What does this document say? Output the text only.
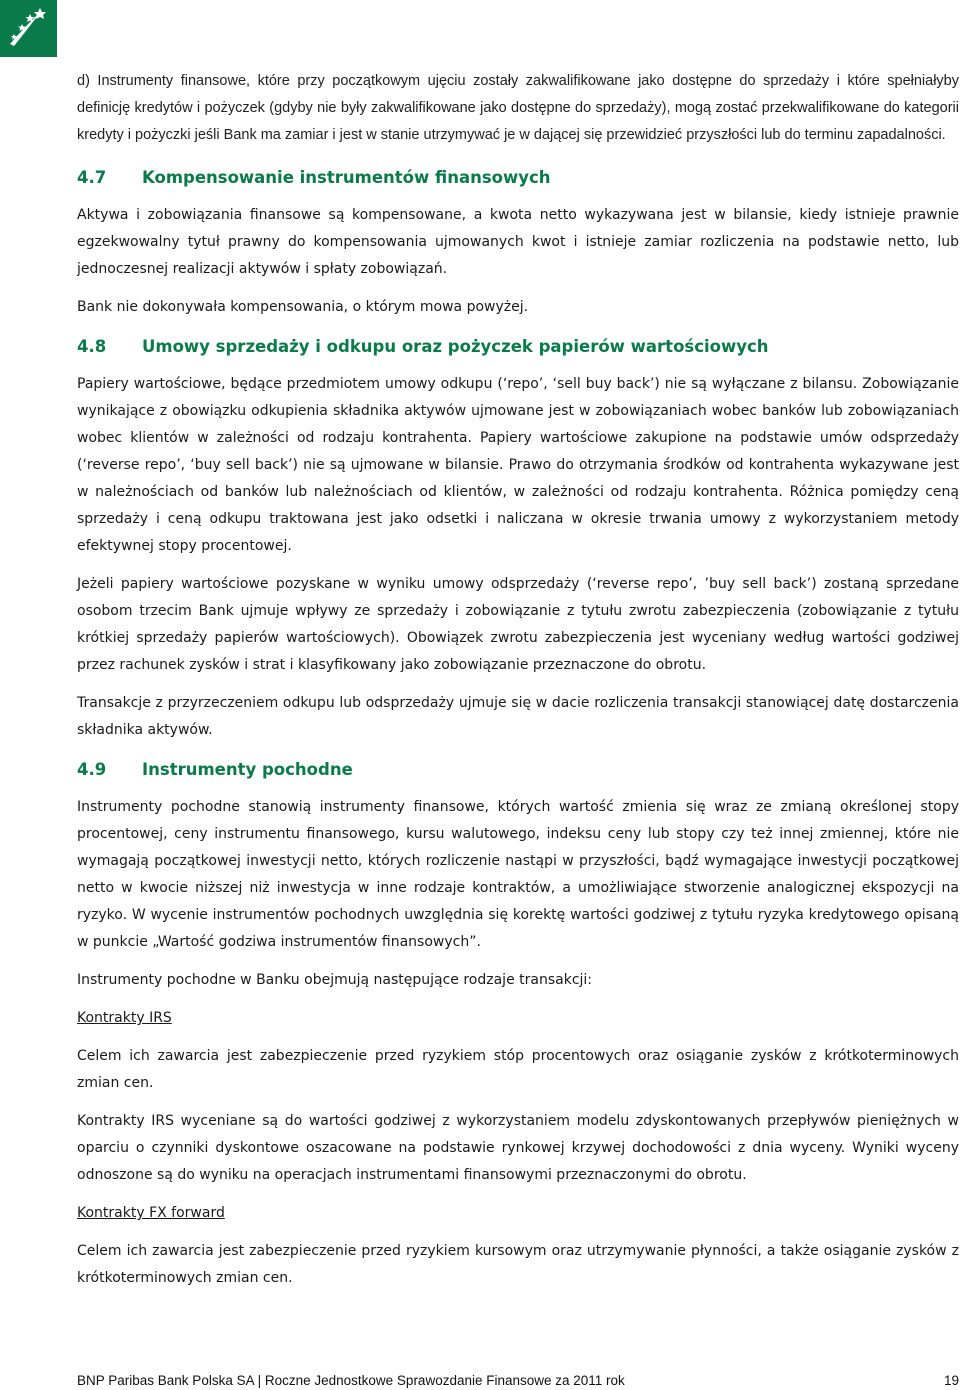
d) Instrumenty finansowe, które przy początkowym ujęciu zostały zakwalifikowane jako dostępne do sprzedaży i które spełniałyby definicję kredytów i pożyczek (gdyby nie były zakwalifikowane jako dostępne do sprzedaży), mogą zostać przekwalifikowane do kategorii kredyty i pożyczki jeśli Bank ma zamiar i jest w stanie utrzymywać je w dającej się przewidzieć przyszłości lub do terminu zapadalności.

4.7	Kompensowanie instrumentów finansowych

Aktywa i zobowiązania finansowe są kompensowane, a kwota netto wykazywana jest w bilansie, kiedy istnieje prawnie egzekwowalny tytuł prawny do kompensowania ujmowanych kwot i istnieje zamiar rozliczenia na podstawie netto, lub jednoczesnej realizacji aktywów i spłaty zobowiązań.

Bank nie dokonywała kompensowania, o którym mowa powyżej.

4.8	Umowy sprzedaży i odkupu oraz pożyczek papierów wartościowych

Papiery wartościowe, będące przedmiotem umowy odkupu (‘repo’, ‘sell buy back’) nie są wyłączane z bilansu. Zobowiązanie wynikające z obowiązku odkupienia składnika aktywów ujmowane jest w zobowiązaniach wobec banków lub zobowiązaniach wobec klientów w zależności od rodzaju kontrahenta. Papiery wartościowe zakupione na podstawie umów odsprzedaży (‘reverse repo’, ‘buy sell back’) nie są ujmowane w bilansie. Prawo do otrzymania środków od kontrahenta wykazywane jest w należnościach od banków lub należnościach od klientów, w zależności od rodzaju kontrahenta. Różnica pomiędzy ceną sprzedaży i ceną odkupu traktowana jest jako odsetki i naliczana w okresie trwania umowy z wykorzystaniem metody efektywnej stopy procentowej.

Jeżeli papiery wartościowe pozyskane w wyniku umowy odsprzedaży (‘reverse repo’, ’buy sell back’) zostaną sprzedane osobom trzecim Bank ujmuje wpływy ze sprzedaży i zobowiązanie z tytułu zwrotu zabezpieczenia (zobowiązanie z tytułu krótkiej sprzedaży papierów wartościowych). Obowiązek zwrotu zabezpieczenia jest wyceniany według wartości godziwej przez rachunek zysków i strat i klasyfikowany jako zobowiązanie przeznaczone do obrotu.

Transakcje z przyrzeczeniem odkupu lub odsprzedaży ujmuje się w dacie rozliczenia transakcji stanowiącej datę dostarczenia składnika aktywów.

4.9	Instrumenty pochodne

Instrumenty pochodne stanowią instrumenty finansowe, których wartość zmienia się wraz ze zmianą określonej stopy procentowej, ceny instrumentu finansowego, kursu walutowego, indeksu ceny lub stopy czy też innej zmiennej, które nie wymagają początkowej inwestycji netto, których rozliczenie nastąpi w przyszłości, bądź wymagające inwestycji początkowej netto w kwocie niższej niż inwestycja w inne rodzaje kontraktów, a umożliwiające stworzenie analogicznej ekspozycji na ryzyko. W wycenie instrumentów pochodnych uwzględnia się korektę wartości godziwej z tytułu ryzyka kredytowego opisaną w punkcie „Wartość godziwa instrumentów finansowych”.

Instrumenty pochodne w Banku obejmują następujące rodzaje transakcji:

Kontrakty IRS

Celem ich zawarcia jest zabezpieczenie przed ryzykiem stóp procentowych oraz osiąganie zysków z krótkoterminowych zmian cen.

Kontrakty IRS wyceniane są do wartości godziwej z wykorzystaniem modelu zdyskontowanych przepływów pieniężnych w oparciu o czynniki dyskontowe oszacowane na podstawie rynkowej krzywej dochodowości z dnia wyceny. Wyniki wyceny odnoszone są do wyniku na operacjach instrumentami finansowymi przeznaczonymi do obrotu.

Kontrakty FX forward

Celem ich zawarcia jest zabezpieczenie przed ryzykiem kursowym oraz utrzymywanie płynności, a także osiąganie zysków z krótkoterminowych zmian cen.

BNP Paribas Bank Polska SA | Roczne Jednostkowe Sprawozdanie Finansowe za 2011 rok	19
